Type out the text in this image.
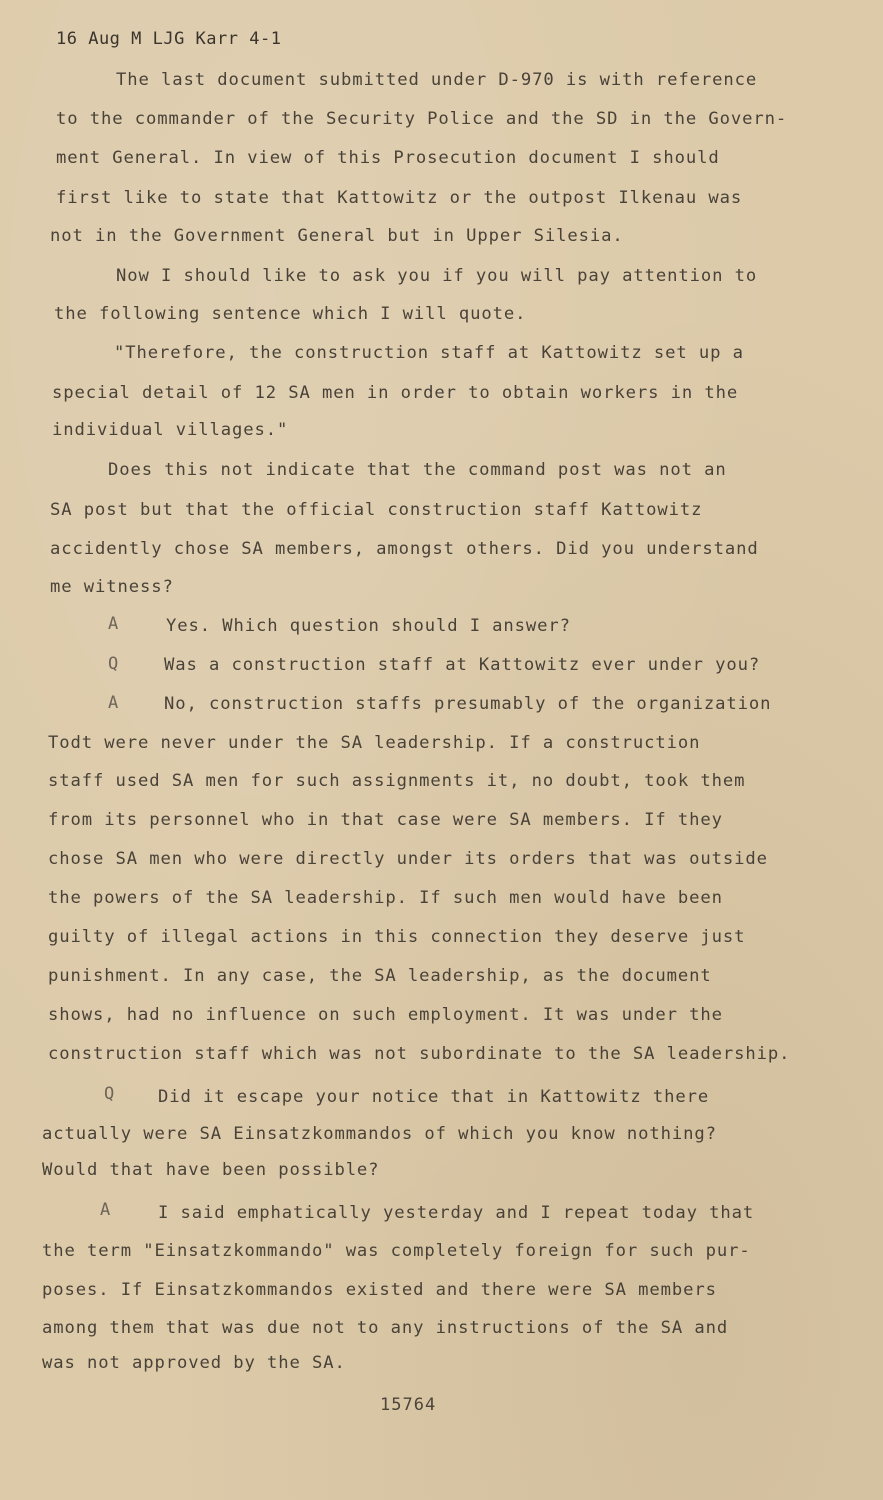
16 Aug M LJG Karr 4-1
The last document submitted under D-970 is with reference
to the commander of the Security Police and the SD in the Govern-
ment General. In view of this Prosecution document I should
first like to state that Kattowitz or the outpost Ilkenau was
not in the Government General but in Upper Silesia.
Now I should like to ask you if you will pay attention to
the following sentence which I will quote.
"Therefore, the construction staff at Kattowitz set up a
special detail of 12 SA men in order to obtain workers in the
individual villages."
Does this not indicate that the command post was not an
SA post but that the official construction staff Kattowitz
accidently chose SA members, amongst others. Did you understand
me witness?
A	Yes. Which question should I answer?
Q	Was a construction staff at Kattowitz ever under you?
A	No, construction staffs presumably of the organization
Todt were never under the SA leadership. If a construction
staff used SA men for such assignments it, no doubt, took them
from its personnel who in that case were SA members. If they
chose SA men who were directly under its orders that was outside
the powers of the SA leadership. If such men would have been
guilty of illegal actions in this connection they deserve just
punishment. In any case, the SA leadership, as the document
shows, had no influence on such employment. It was under the
construction staff which was not subordinate to the SA leadership.
Q	Did it escape your notice that in Kattowitz there
actually were SA Einsatzkommandos of which you know nothing?
Would that have been possible?
A	I said emphatically yesterday and I repeat today that
the term "Einsatzkommando" was completely foreign for such pur-
poses. If Einsatzkommandos existed and there were SA members
among them that was due not to any instructions of the SA and
was not approved by the SA.
15764
